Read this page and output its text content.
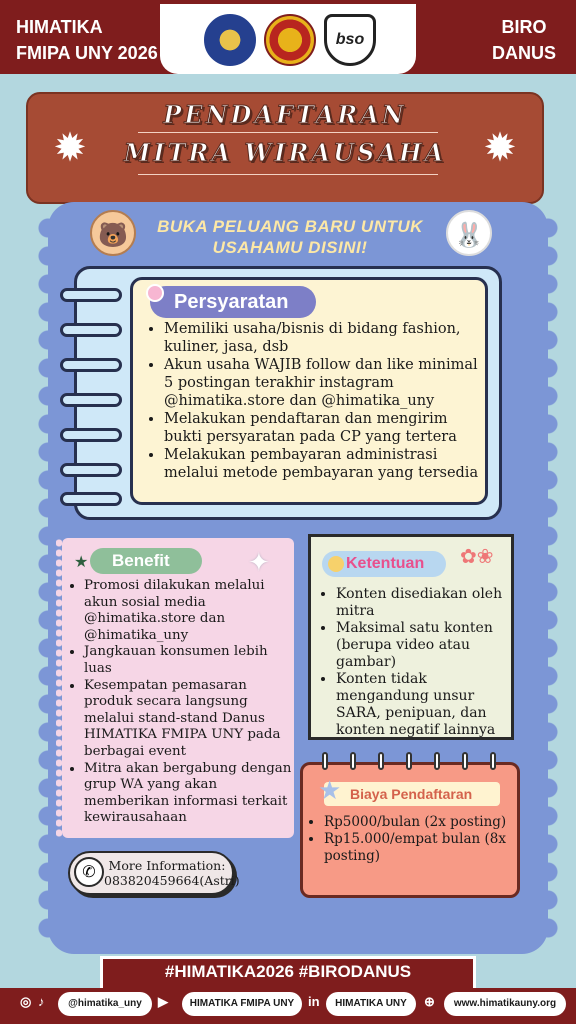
HIMATIKA
FMIPA UNY 2026
bso
BIRO
DANUS
✹
PENDAFTARAN
MITRA WIRAUSAHA ✹
🐻	BUKA PELUANG BARU UNTUK
USAHAMU DISINI!	🐰
Persyaratan
• Memiliki usaha/bisnis di bidang fashion, kuliner, jasa, dsb
• Akun usaha WAJIB follow dan like minimal 5 postingan terakhir instagram @himatika.store dan @himatika_uny
• Melakukan pendaftaran dan mengirim bukti persyaratan pada CP yang tertera
• Melakukan pembayaran administrasi melalui metode pembayaran yang tersedia
Benefit
★	✦
• Promosi dilakukan melalui akun sosial media @himatika.store dan @himatika_uny
• Jangkauan konsumen lebih luas
• Kesempatan pemasaran produk secara langsung melalui stand-stand Danus HIMATIKA FMIPA UNY pada berbagai event
• Mitra akan bergabung dengan grup WA yang akan memberikan informasi terkait kewirausahaan
Ketentuan	✿❀
• Konten disediakan oleh mitra
• Maksimal satu konten (berupa video atau gambar)
• Konten tidak mengandung unsur SARA, penipuan, dan konten negatif lainnya
Biaya Pendaftaran
★
• Rp5000/bulan (2x posting)
• Rp15.000/empat bulan (8x posting)
✆	More Information:
083820459664(Astri)
#HIMATIKA2026 #BIRODANUS
◎ ♪	@himatika_uny	▶	HIMATIKA FMIPA UNY	in	HIMATIKA UNY	⊕	www.himatikauny.org
